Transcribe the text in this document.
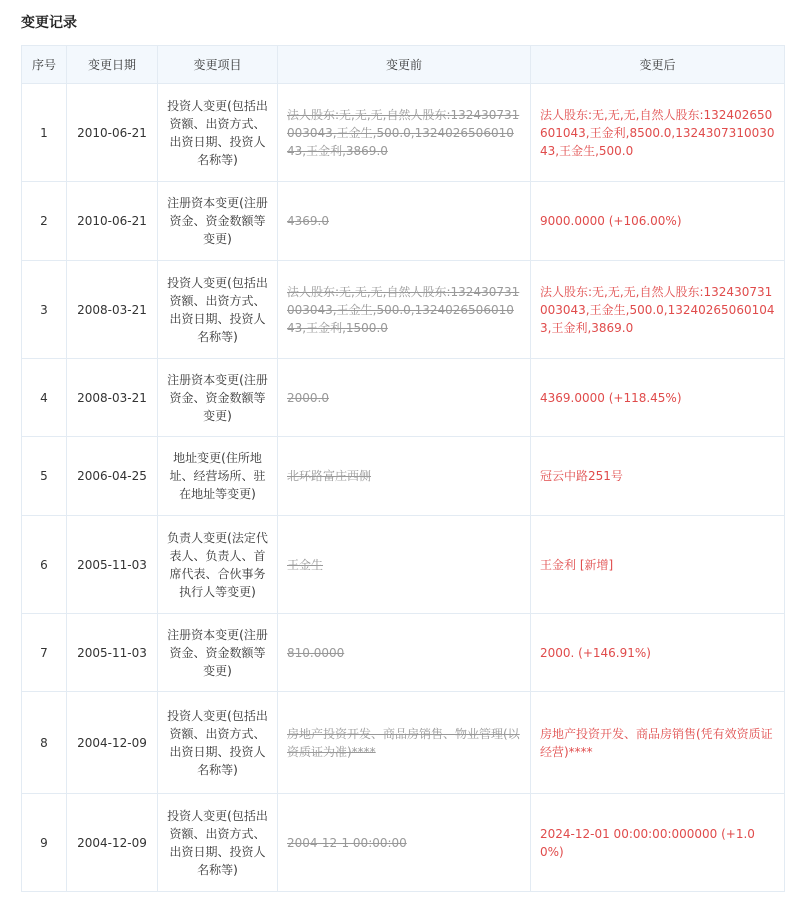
变更记录
序号	变更日期	变更项目	变更前	变更后
1	2010-06-21	投资人变更(包括出资额、出资方式、出资日期、投资人名称等)	法人股东:无,无,无,自然人股东:132430731003043,王金生,500.0,132402650601043,王金利,3869.0	法人股东:无,无,无,自然人股东:132402650601043,王金利,8500.0,132430731003043,王金生,500.0
2	2010-06-21	注册资本变更(注册资金、资金数额等变更)	4369.0	9000.0000 (+106.00%)
3	2008-03-21	投资人变更(包括出资额、出资方式、出资日期、投资人名称等)	法人股东:无,无,无,自然人股东:132430731003043,王金生,500.0,132402650601043,王金利,1500.0	法人股东:无,无,无,自然人股东:132430731003043,王金生,500.0,132402650601043,王金利,3869.0
4	2008-03-21	注册资本变更(注册资金、资金数额等变更)	2000.0	4369.0000 (+118.45%)
5	2006-04-25	地址变更(住所地址、经营场所、驻在地址等变更)	北环路富庄西侧	冠云中路251号
6	2005-11-03	负责人变更(法定代表人、负责人、首席代表、合伙事务执行人等变更)	王金生	王金利 [新增]
7	2005-11-03	注册资本变更(注册资金、资金数额等变更)	810.0000	2000. (+146.91%)
8	2004-12-09	投资人变更(包括出资额、出资方式、出资日期、投资人名称等)	房地产投资开发、商品房销售、物业管理(以资质证为准)****	房地产投资开发、商品房销售(凭有效资质证经营)****
9	2004-12-09	投资人变更(包括出资额、出资方式、出资日期、投资人名称等)	2004-12-1 00:00:00	2024-12-01 00:00:00:000000 (+1.00%)
